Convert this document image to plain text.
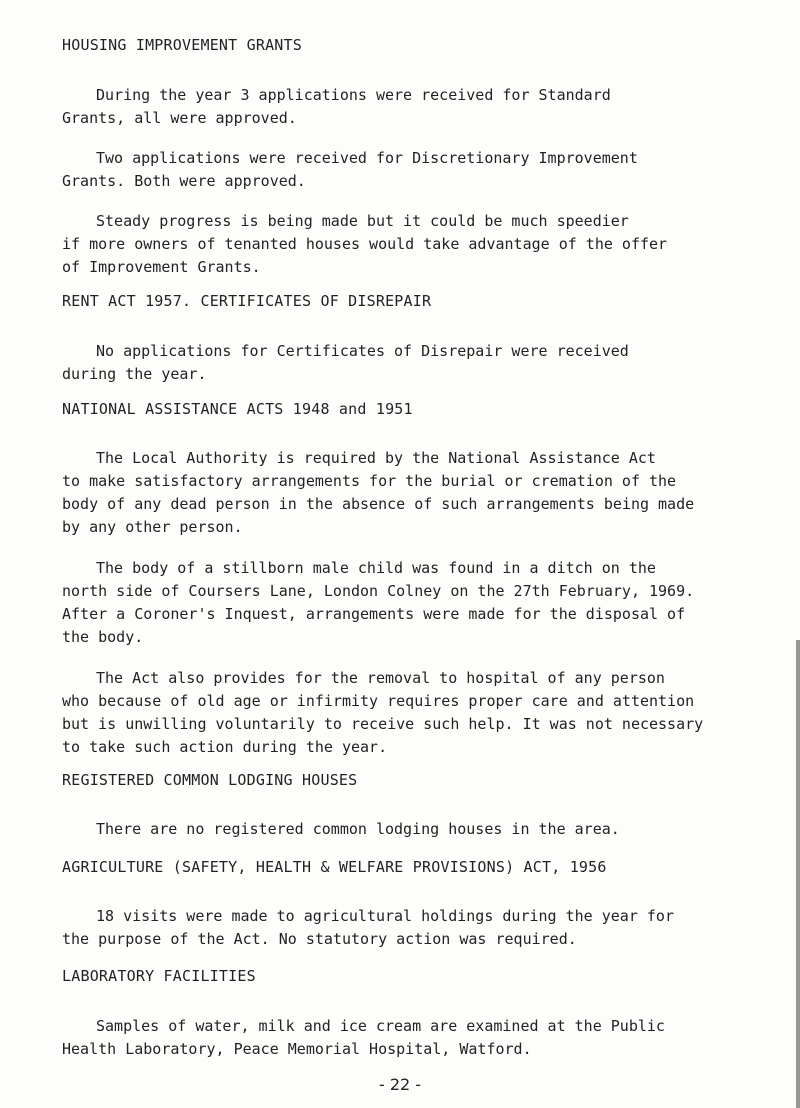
HOUSING IMPROVEMENT GRANTS
During the year 3 applications were received for Standard
Grants, all were approved.
Two applications were received for Discretionary Improvement
Grants. Both were approved.
Steady progress is being made but it could be much speedier
if more owners of tenanted houses would take advantage of the offer
of Improvement Grants.
RENT ACT 1957. CERTIFICATES OF DISREPAIR
No applications for Certificates of Disrepair were received
during the year.
NATIONAL ASSISTANCE ACTS 1948 and 1951
The Local Authority is required by the National Assistance Act
to make satisfactory arrangements for the burial or cremation of the
body of any dead person in the absence of such arrangements being made
by any other person.
The body of a stillborn male child was found in a ditch on the
north side of Coursers Lane, London Colney on the 27th February, 1969.
After a Coroner's Inquest, arrangements were made for the disposal of
the body.
The Act also provides for the removal to hospital of any person
who because of old age or infirmity requires proper care and attention
but is unwilling voluntarily to receive such help. It was not necessary
to take such action during the year.
REGISTERED COMMON LODGING HOUSES
There are no registered common lodging houses in the area.
AGRICULTURE (SAFETY, HEALTH & WELFARE PROVISIONS) ACT, 1956
18 visits were made to agricultural holdings during the year for
the purpose of the Act. No statutory action was required.
LABORATORY FACILITIES
Samples of water, milk and ice cream are examined at the Public
Health Laboratory, Peace Memorial Hospital, Watford.
- 22 -
